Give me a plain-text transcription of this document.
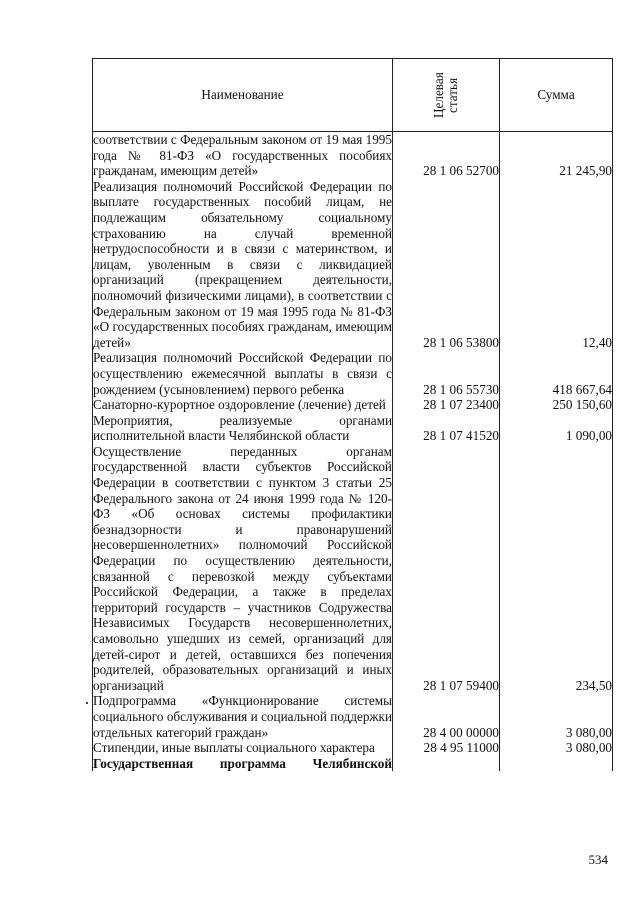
Наименование	Целевая статья	Сумма
соответствии с Федеральным законом от 19 мая 1995 года № 81-ФЗ «О государственных пособиях гражданам, имеющим детей»	28 1 06 52700	21 245,90
Реализация полномочий Российской Федерации по выплате государственных пособий лицам, не подлежащим обязательному социальному страхованию на случай временной нетрудоспособности и в связи с материнством, и лицам, уволенным в связи с ликвидацией организаций (прекращением деятельности, полномочий физическими лицами), в соответствии с Федеральным законом от 19 мая 1995 года № 81-ФЗ «О государственных пособиях гражданам, имеющим детей»	28 1 06 53800	12,40
Реализация полномочий Российской Федерации по осуществлению ежемесячной выплаты в связи с рождением (усыновлением) первого ребенка	28 1 06 55730	418 667,64
Санаторно-курортное оздоровление (лечение) детей	28 1 07 23400	250 150,60
Мероприятия, реализуемые органами исполнительной власти Челябинской области	28 1 07 41520	1 090,00
Осуществление переданных органам государственной власти субъектов Российской Федерации в соответствии с пунктом 3 статьи 25 Федерального закона от 24 июня 1999 года № 120-ФЗ «Об основах системы профилактики безнадзорности и правонарушений несовершеннолетних» полномочий Российской Федерации по осуществлению деятельности, связанной с перевозкой между субъектами Российской Федерации, а также в пределах территорий государств – участников Содружества Независимых Государств несовершеннолетних, самовольно ушедших из семей, организаций для детей-сирот и детей, оставшихся без попечения родителей, образовательных организаций и иных организаций	28 1 07 59400	234,50
Подпрограмма «Функционирование системы социального обслуживания и социальной поддержки отдельных категорий граждан»	28 4 00 00000	3 080,00
Стипендии, иные выплаты социального характера	28 4 95 11000	3 080,00
Государственная программа Челябинской		
534
